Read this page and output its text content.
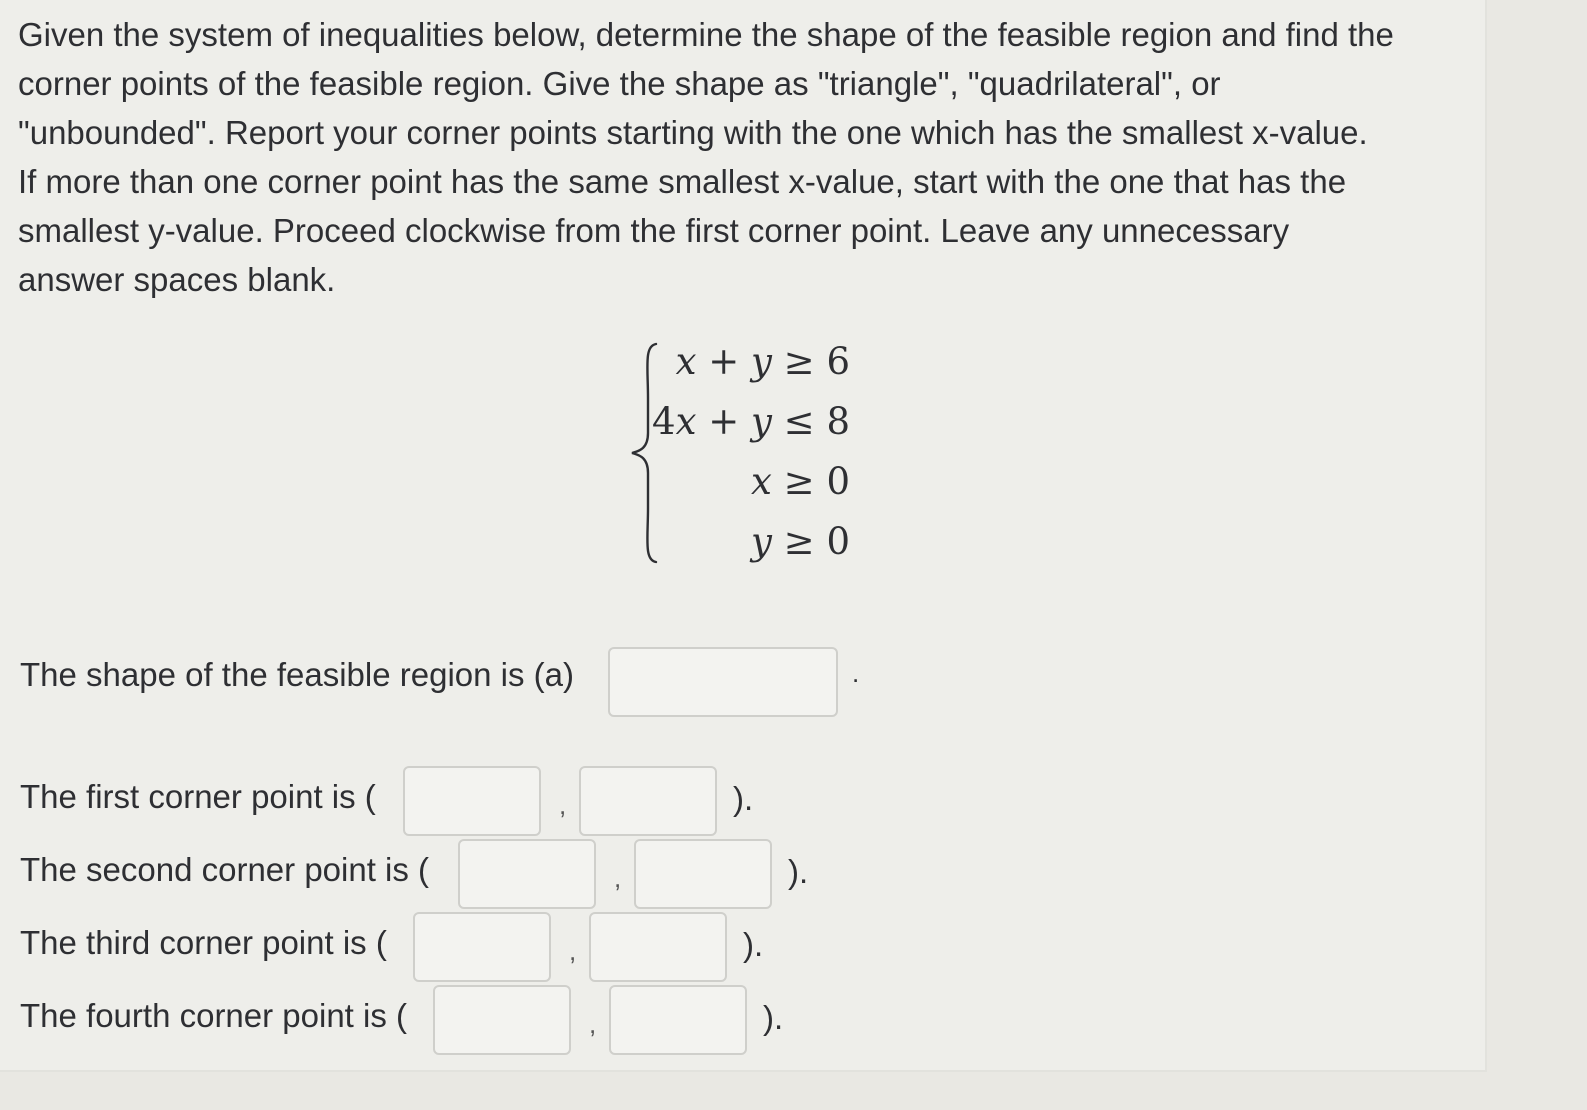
Given the system of inequalities below, determine the shape of the feasible region and find the
corner points of the feasible region. Give the shape as "triangle", "quadrilateral", or
"unbounded". Report your corner points starting with the one which has the smallest x-value.
If more than one corner point has the same smallest x-value, start with the one that has the
smallest y-value. Proceed clockwise from the first corner point. Leave any unnecessary
answer spaces blank.

x + y ≥ 6
4x + y ≤ 8
x ≥ 0
y ≥ 0
The shape of the feasible region is (a)	.
The first corner point is (	,	).
The second corner point is (	,	).
The third corner point is (	,	).
The fourth corner point is (	,	).
